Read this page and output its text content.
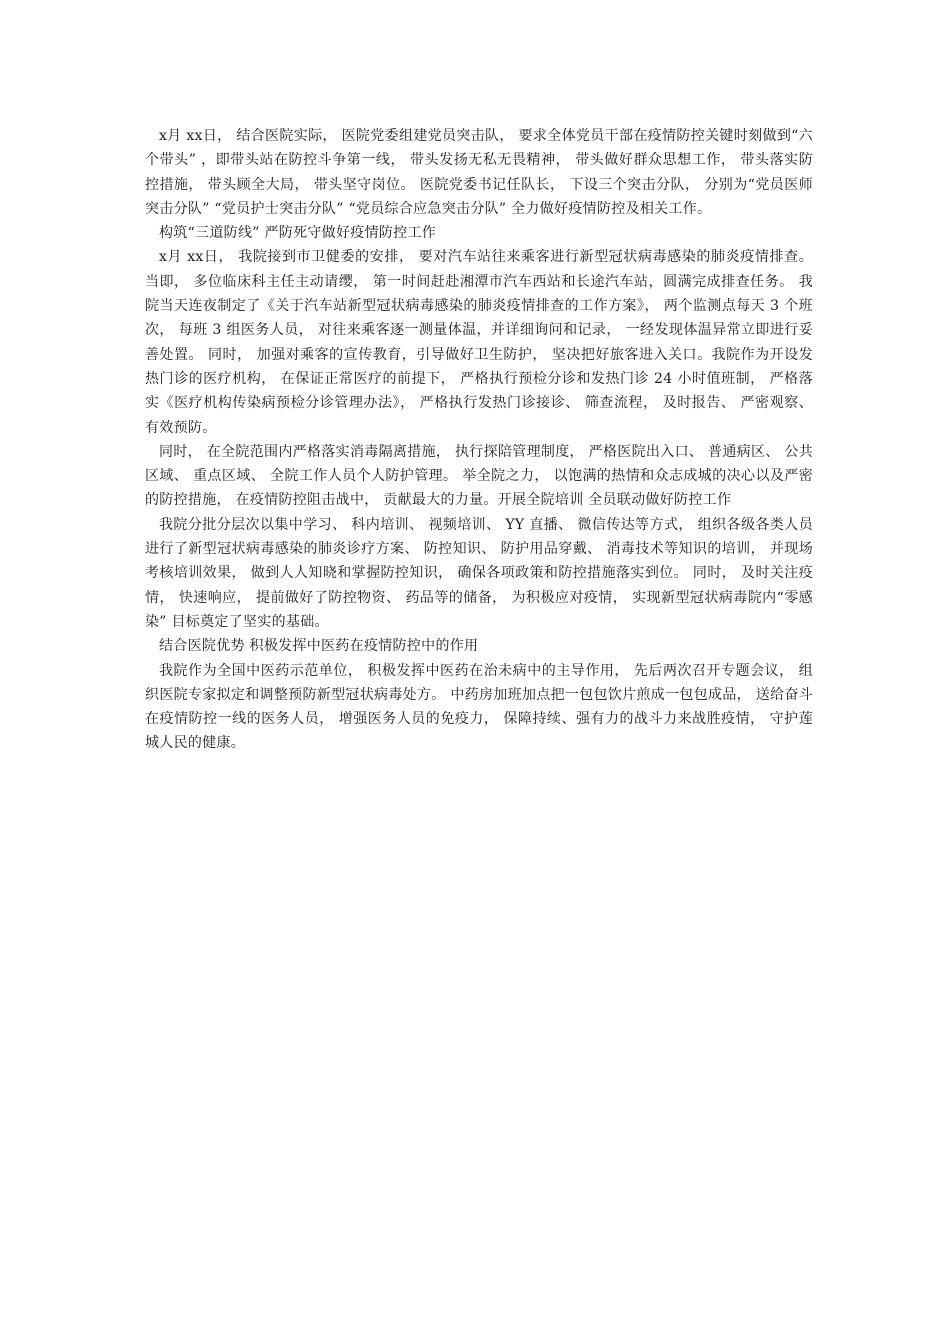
x月 xx日， 结合医院实际， 医院党委组建党员突击队， 要求全体党员干部在疫情防控关键时刻做到“六个带头” ，即带头站在防控斗争第一线， 带头发扬无私无畏精神， 带头做好群众思想工作， 带头落实防控措施， 带头顾全大局， 带头坚守岗位。 医院党委书记任队长， 下设三个突击分队， 分别为“党员医师突击分队” “党员护士突击分队” “党员综合应急突击分队” 全力做好疫情防控及相关工作。

构筑“三道防线” 严防死守做好疫情防控工作

x月 xx日， 我院接到市卫健委的安排， 要对汽车站往来乘客进行新型冠状病毒感染的肺炎疫情排查。 当即， 多位临床科主任主动请缨， 第一时间赶赴湘潭市汽车西站和长途汽车站，圆满完成排查任务。 我院当天连夜制定了《关于汽车站新型冠状病毒感染的肺炎疫情排查的工作方案》， 两个监测点每天 3 个班次， 每班 3 组医务人员， 对往来乘客逐一测量体温，并详细询问和记录， 一经发现体温异常立即进行妥善处置。 同时， 加强对乘客的宣传教育，引导做好卫生防护， 坚决把好旅客进入关口。我院作为开设发热门诊的医疗机构， 在保证正常医疗的前提下， 严格执行预检分诊和发热门诊 24 小时值班制， 严格落实《医疗机构传染病预检分诊管理办法》， 严格执行发热门诊接诊、 筛查流程， 及时报告、 严密观察、 有效预防。

同时， 在全院范围内严格落实消毒隔离措施， 执行探陪管理制度， 严格医院出入口、 普通病区、 公共区域、 重点区域、 全院工作人员个人防护管理。 举全院之力， 以饱满的热情和众志成城的决心以及严密的防控措施， 在疫情防控阻击战中， 贡献最大的力量。开展全院培训 全员联动做好防控工作

我院分批分层次以集中学习、 科内培训、 视频培训、 YY 直播、 微信传达等方式， 组织各级各类人员进行了新型冠状病毒感染的肺炎诊疗方案、 防控知识、 防护用品穿戴、 消毒技术等知识的培训， 并现场考核培训效果， 做到人人知晓和掌握防控知识， 确保各项政策和防控措施落实到位。 同时， 及时关注疫情， 快速响应， 提前做好了防控物资、 药品等的储备， 为积极应对疫情， 实现新型冠状病毒院内“零感染” 目标奠定了坚实的基础。

结合医院优势 积极发挥中医药在疫情防控中的作用

我院作为全国中医药示范单位， 积极发挥中医药在治未病中的主导作用， 先后两次召开专题会议， 组织医院专家拟定和调整预防新型冠状病毒处方。 中药房加班加点把一包包饮片煎成一包包成品， 送给奋斗在疫情防控一线的医务人员， 增强医务人员的免疫力， 保障持续、强有力的战斗力来战胜疫情， 守护莲城人民的健康。
